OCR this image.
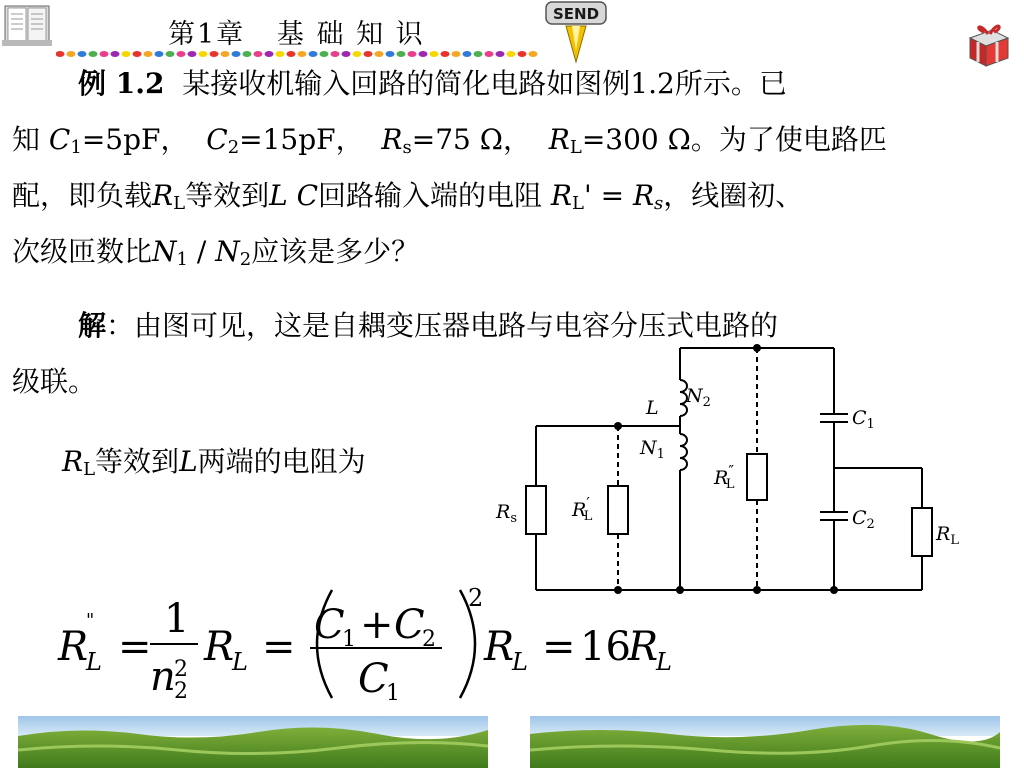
第1章   基 础 知 识
SEND

例 1.2 某接收机输入回路的简化电路如图例1.2所示。已

知 $C_1=5pF$， $C_2=15pF$， $R_s=75$ Ω， $R_L=300$ Ω。为了使电路匹

配，即负载$R_L$等效到L C回路输入端的电阻 $R_L' = R_s$，线圈初、

次级匝数比$N_1 / N_2$应该是多少？

解：由图可见，这是自耦变压器电路与电容分压式电路的

级联。

$R_L$等效到L两端的电阻为
$R_s$	R′ L
R″ L
L
$N_2$
$N_1$
$C_1$
$C_2$	$R_L$
R
"
L =
1
n
2
2
R
L = C
1 + C
2
C
1
2
R
L = 16
R
L
